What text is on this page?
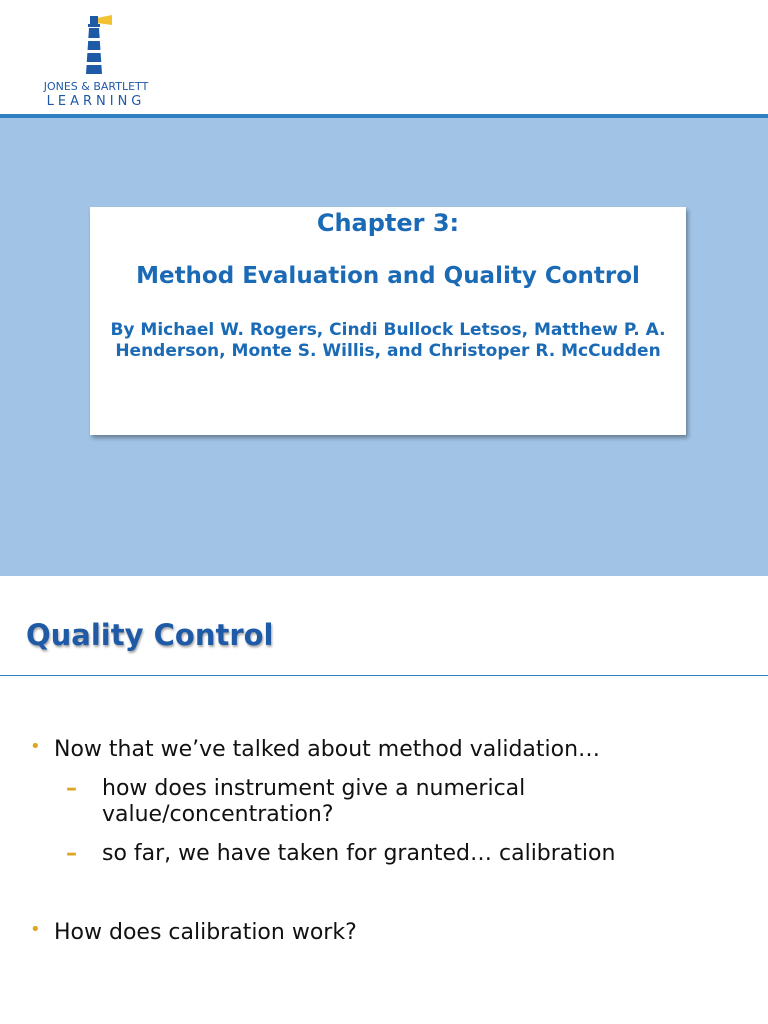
JONES & BARTLETT
LEARNING
Chapter 3:
Method Evaluation and Quality Control
By Michael W. Rogers, Cindi Bullock Letsos, Matthew P. A. Henderson, Monte S. Willis, and Christoper R. McCudden
Quality Control
• Now that we’ve talked about method validation…
– how does instrument give a numerical value/concentration?
– so far, we have taken for granted… calibration
• How does calibration work?
